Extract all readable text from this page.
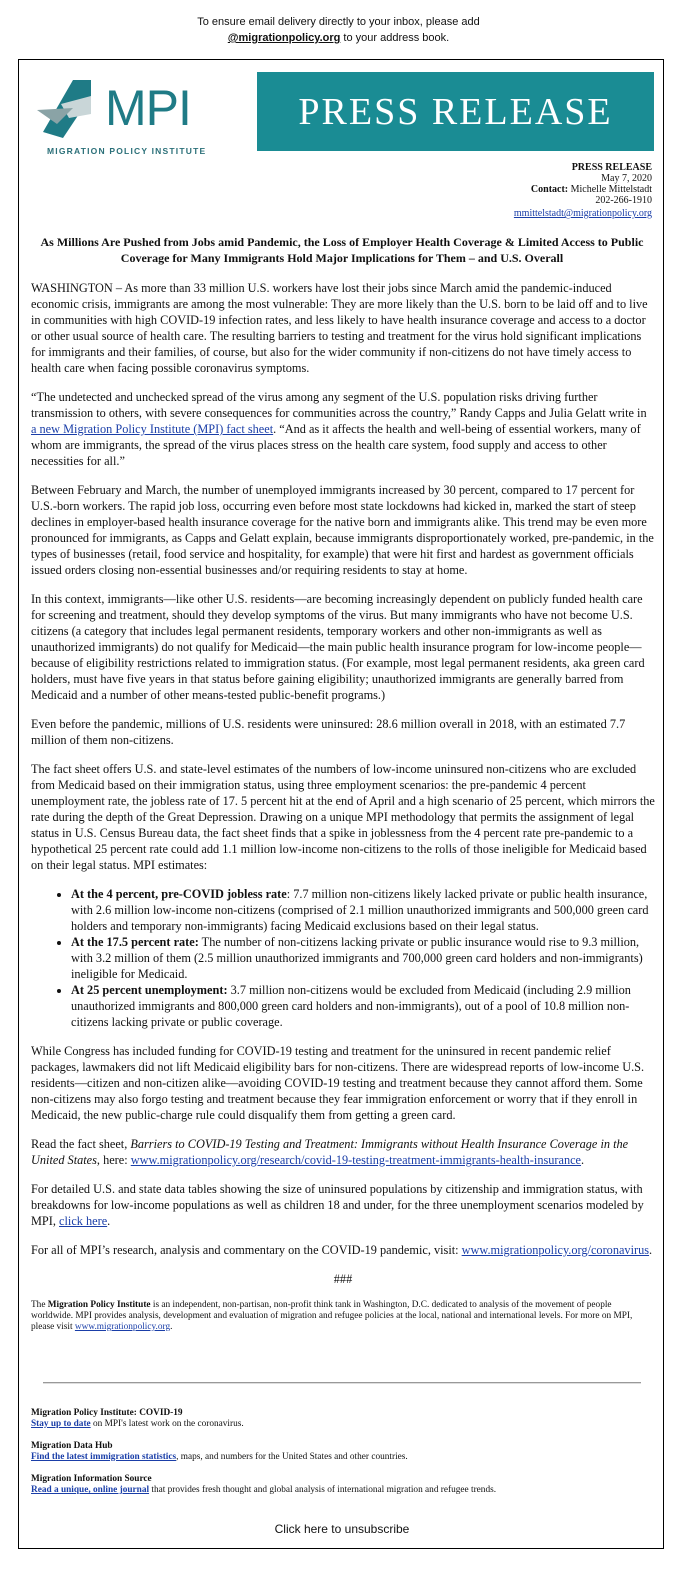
To ensure email delivery directly to your inbox, please add
@migrationpolicy.org to your address book.
MPI
MIGRATION POLICY INSTITUTE
PRESS RELEASE
PRESS RELEASE
May 7, 2020
Contact: Michelle Mittelstadt
202-266-1910
mmittelstadt@migrationpolicy.org
As Millions Are Pushed from Jobs amid Pandemic, the Loss of Employer Health Coverage & Limited Access to Public Coverage for Many Immigrants Hold Major Implications for Them – and U.S. Overall

WASHINGTON – As more than 33 million U.S. workers have lost their jobs since March amid the pandemic-induced economic crisis, immigrants are among the most vulnerable: They are more likely than the U.S. born to be laid off and to live in communities with high COVID-19 infection rates, and less likely to have health insurance coverage and access to a doctor or other usual source of health care. The resulting barriers to testing and treatment for the virus hold significant implications for immigrants and their families, of course, but also for the wider community if non-citizens do not have timely access to health care when facing possible coronavirus symptoms.

“The undetected and unchecked spread of the virus among any segment of the U.S. population risks driving further transmission to others, with severe consequences for communities across the country,” Randy Capps and Julia Gelatt write in a new Migration Policy Institute (MPI) fact sheet. “And as it affects the health and well-being of essential workers, many of whom are immigrants, the spread of the virus places stress on the health care system, food supply and access to other necessities for all.”

Between February and March, the number of unemployed immigrants increased by 30 percent, compared to 17 percent for U.S.-born workers. The rapid job loss, occurring even before most state lockdowns had kicked in, marked the start of steep declines in employer-based health insurance coverage for the native born and immigrants alike. This trend may be even more pronounced for immigrants, as Capps and Gelatt explain, because immigrants disproportionately worked, pre-pandemic, in the types of businesses (retail, food service and hospitality, for example) that were hit first and hardest as government officials issued orders closing non-essential businesses and/or requiring residents to stay at home.

In this context, immigrants—like other U.S. residents—are becoming increasingly dependent on publicly funded health care for screening and treatment, should they develop symptoms of the virus. But many immigrants who have not become U.S. citizens (a category that includes legal permanent residents, temporary workers and other non-immigrants as well as unauthorized immigrants) do not qualify for Medicaid—the main public health insurance program for low-income people—because of eligibility restrictions related to immigration status. (For example, most legal permanent residents, aka green card holders, must have five years in that status before gaining eligibility; unauthorized immigrants are generally barred from Medicaid and a number of other means-tested public-benefit programs.)

Even before the pandemic, millions of U.S. residents were uninsured: 28.6 million overall in 2018, with an estimated 7.7 million of them non-citizens.

The fact sheet offers U.S. and state-level estimates of the numbers of low-income uninsured non-citizens who are excluded from Medicaid based on their immigration status, using three employment scenarios: the pre-pandemic 4 percent unemployment rate, the jobless rate of 17. 5 percent hit at the end of April and a high scenario of 25 percent, which mirrors the rate during the depth of the Great Depression. Drawing on a unique MPI methodology that permits the assignment of legal status in U.S. Census Bureau data, the fact sheet finds that a spike in joblessness from the 4 percent rate pre-pandemic to a hypothetical 25 percent rate could add 1.1 million low-income non-citizens to the rolls of those ineligible for Medicaid based on their legal status. MPI estimates:

• At the 4 percent, pre-COVID jobless rate: 7.7 million non-citizens likely lacked private or public health insurance, with 2.6 million low-income non-citizens (comprised of 2.1 million unauthorized immigrants and 500,000 green card holders and temporary non-immigrants) facing Medicaid exclusions based on their legal status.
• At the 17.5 percent rate: The number of non-citizens lacking private or public insurance would rise to 9.3 million, with 3.2 million of them (2.5 million unauthorized immigrants and 700,000 green card holders and non-immigrants) ineligible for Medicaid.
• At 25 percent unemployment: 3.7 million non-citizens would be excluded from Medicaid (including 2.9 million unauthorized immigrants and 800,000 green card holders and non-immigrants), out of a pool of 10.8 million non-citizens lacking private or public coverage.

While Congress has included funding for COVID-19 testing and treatment for the uninsured in recent pandemic relief packages, lawmakers did not lift Medicaid eligibility bars for non-citizens. There are widespread reports of low-income U.S. residents—citizen and non-citizen alike—avoiding COVID-19 testing and treatment because they cannot afford them. Some non-citizens may also forgo testing and treatment because they fear immigration enforcement or worry that if they enroll in Medicaid, the new public-charge rule could disqualify them from getting a green card.

Read the fact sheet, Barriers to COVID-19 Testing and Treatment: Immigrants without Health Insurance Coverage in the United States, here: www.migrationpolicy.org/research/covid-19-testing-treatment-immigrants-health-insurance.

For detailed U.S. and state data tables showing the size of uninsured populations by citizenship and immigration status, with breakdowns for low-income populations as well as children 18 and under, for the three unemployment scenarios modeled by MPI, click here.

For all of MPI’s research, analysis and commentary on the COVID-19 pandemic, visit: www.migrationpolicy.org/coronavirus.

###
The Migration Policy Institute is an independent, non-partisan, non-profit think tank in Washington, D.C. dedicated to analysis of the movement of people worldwide. MPI provides analysis, development and evaluation of migration and refugee policies at the local, national and international levels. For more on MPI, please visit www.migrationpolicy.org.
Migration Policy Institute: COVID-19
Stay up to date on MPI's latest work on the coronavirus.
Migration Data Hub
Find the latest immigration statistics, maps, and numbers for the United States and other countries.
Migration Information Source
Read a unique, online journal that provides fresh thought and global analysis of international migration and refugee trends.
Click here to unsubscribe
